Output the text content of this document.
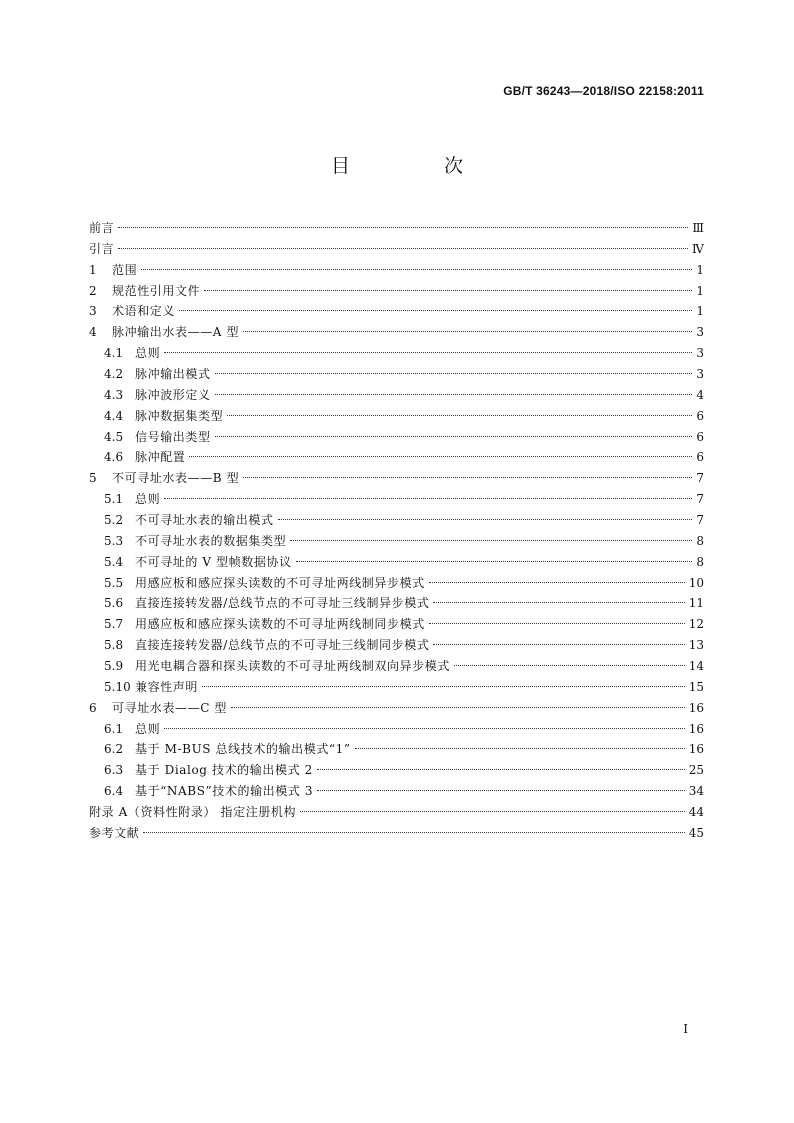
GB/T 36243—2018/ISO 22158:2011
目 次
前言	Ⅲ
引言	Ⅳ
1	范围	1
2	规范性引用文件	1
3	术语和定义	1
4	脉冲输出水表——A 型	3
4.1 总则	3
4.2 脉冲输出模式	3
4.3 脉冲波形定义	4
4.4 脉冲数据集类型	6
4.5 信号输出类型	6
4.6 脉冲配置	6
5	不可寻址水表——B 型	7
5.1 总则	7
5.2 不可寻址水表的输出模式	7
5.3 不可寻址水表的数据集类型	8
5.4 不可寻址的 V 型帧数据协议	8
5.5 用感应板和感应探头读数的不可寻址两线制异步模式	10
5.6 直接连接转发器/总线节点的不可寻址三线制异步模式	11
5.7 用感应板和感应探头读数的不可寻址两线制同步模式	12
5.8 直接连接转发器/总线节点的不可寻址三线制同步模式	13
5.9 用光电耦合器和探头读数的不可寻址两线制双向异步模式	14
5.10 兼容性声明	15
6	可寻址水表——C 型	16
6.1 总则	16
6.2 基于 M-BUS 总线技术的输出模式“1”	16
6.3 基于 Dialog 技术的输出模式 2	25
6.4 基于“NABS”技术的输出模式 3	34
附录 A（资料性附录） 指定注册机构	44
参考文献	45
I
